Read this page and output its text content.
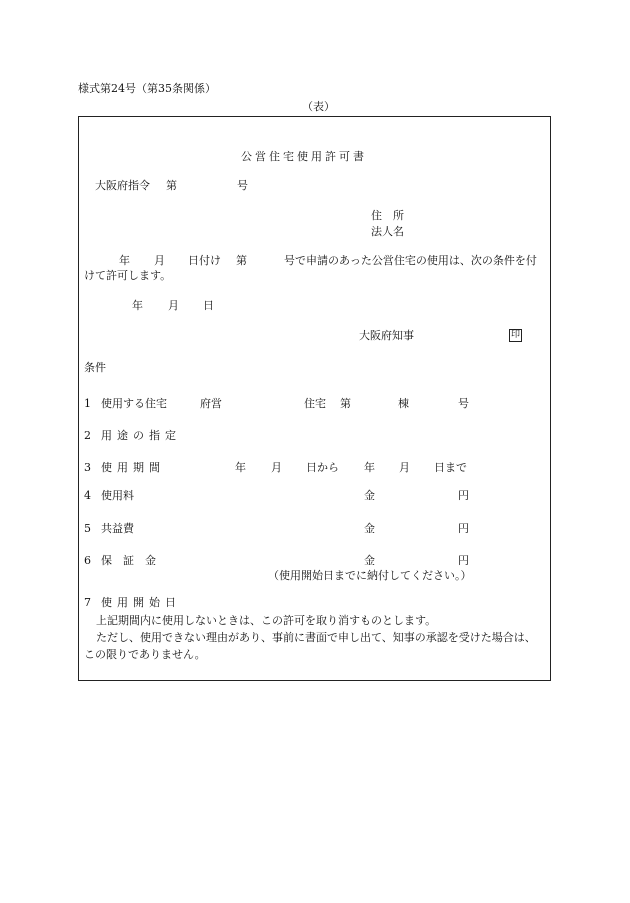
様式第24号（第35条関係）
（表）
公営住宅使用許可書
大阪府指令 第	号
住　所
法人名
年 月 日付け 第	号で申請のあった公営住宅の使用は、次の条件を付
けて許可します。
年 月 日
大阪府知事	印
条件
1 使用する住宅	府営	住宅 第	棟	号
2 用途の指定
3 使用期間	年 月 日から 年 月 日まで
4 使用料	金	円
5 共益費	金	円
6 保　証　金	金	円
（使用開始日までに納付してください。）
7 使用開始日
上記期間内に使用しないときは、この許可を取り消すものとします。
ただし、使用できない理由があり、事前に書面で申し出て、知事の承認を受けた場合は、
この限りでありません。
